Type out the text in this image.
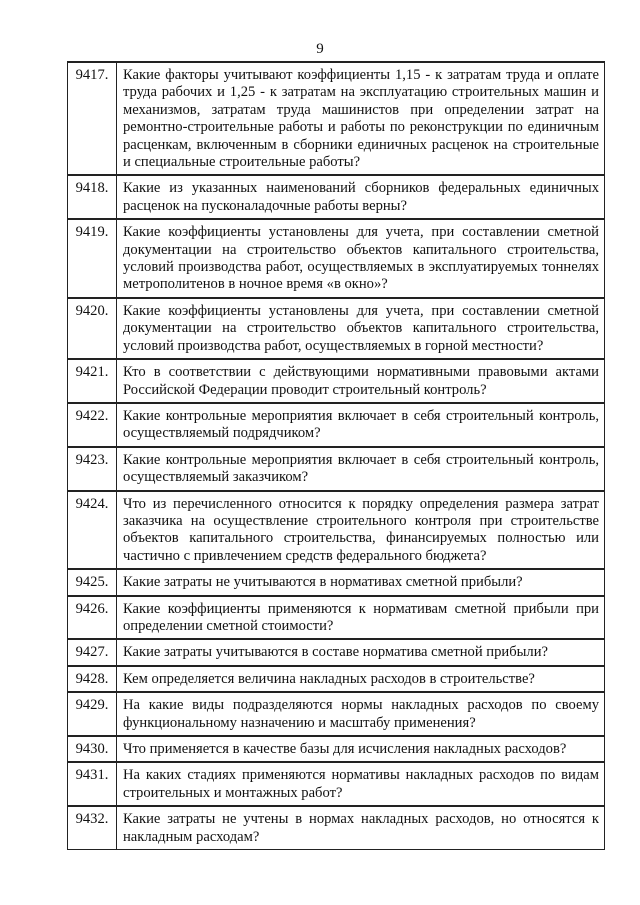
9
9417.	Какие факторы учитывают коэффициенты 1,15 - к затратам труда и оплате труда рабочих и 1,25 - к затратам на эксплуатацию строительных машин и механизмов, затратам труда машинистов при определении затрат на ремонтно-строительные работы и работы по реконструкции по единичным расценкам, включенным в сборники единичных расценок на строительные и специальные строительные работы?
9418.	Какие из указанных наименований сборников федеральных единичных расценок на пусконаладочные работы верны?
9419.	Какие коэффициенты установлены для учета, при составлении сметной документации на строительство объектов капитального строительства, условий производства работ, осуществляемых в эксплуатируемых тоннелях метрополитенов в ночное время «в окно»?
9420.	Какие коэффициенты установлены для учета, при составлении сметной документации на строительство объектов капитального строительства, условий производства работ, осуществляемых в горной местности?
9421.	Кто в соответствии с действующими нормативными правовыми актами Российской Федерации проводит строительный контроль?
9422.	Какие контрольные мероприятия включает в себя строительный контроль, осуществляемый подрядчиком?
9423.	Какие контрольные мероприятия включает в себя строительный контроль, осуществляемый заказчиком?
9424.	Что из перечисленного относится к порядку определения размера затрат заказчика на осуществление строительного контроля при строительстве объектов капитального строительства, финансируемых полностью или частично с привлечением средств федерального бюджета?
9425.	Какие затраты не учитываются в нормативах сметной прибыли?
9426.	Какие коэффициенты применяются к нормативам сметной прибыли при определении сметной стоимости?
9427.	Какие затраты учитываются в составе норматива сметной прибыли?
9428.	Кем определяется величина накладных расходов в строительстве?
9429.	На какие виды подразделяются нормы накладных расходов по своему функциональному назначению и масштабу применения?
9430.	Что применяется в качестве базы для исчисления накладных расходов?
9431.	На каких стадиях применяются нормативы накладных расходов по видам строительных и монтажных работ?
9432.	Какие затраты не учтены в нормах накладных расходов, но относятся к накладным расходам?
